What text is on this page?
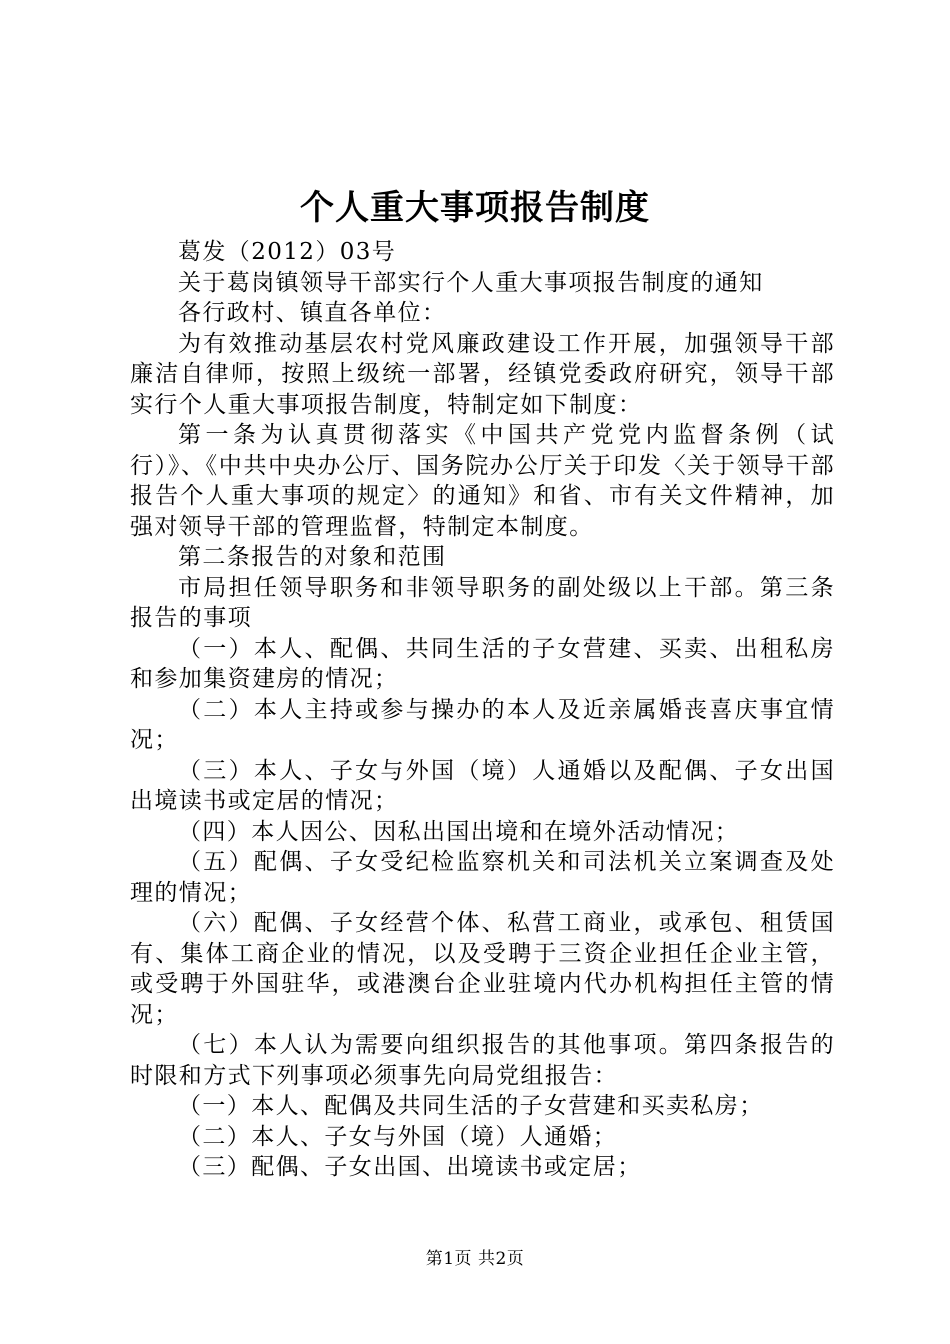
个人重大事项报告制度

葛发（2012）03号

关于葛岗镇领导干部实行个人重大事项报告制度的通知

各行政村、镇直各单位：

为有效推动基层农村党风廉政建设工作开展，加强领导干部廉洁自律师，按照上级统一部署，经镇党委政府研究，领导干部实行个人重大事项报告制度，特制定如下制度：

第一条为认真贯彻落实《中国共产党党内监督条例（试行）》、《中共中央办公厅、国务院办公厅关于印发〈关于领导干部报告个人重大事项的规定〉的通知》和省、市有关文件精神，加强对领导干部的管理监督，特制定本制度。

第二条报告的对象和范围

市局担任领导职务和非领导职务的副处级以上干部。第三条报告的事项

（一）本人、配偶、共同生活的子女营建、买卖、出租私房和参加集资建房的情况；

（二）本人主持或参与操办的本人及近亲属婚丧喜庆事宜情况；

（三）本人、子女与外国（境）人通婚以及配偶、子女出国出境读书或定居的情况；

（四）本人因公、因私出国出境和在境外活动情况；

（五）配偶、子女受纪检监察机关和司法机关立案调查及处理的情况；

（六）配偶、子女经营个体、私营工商业，或承包、租赁国有、集体工商企业的情况，以及受聘于三资企业担任企业主管，或受聘于外国驻华，或港澳台企业驻境内代办机构担任主管的情况；

（七）本人认为需要向组织报告的其他事项。第四条报告的时限和方式下列事项必须事先向局党组报告：

（一）本人、配偶及共同生活的子女营建和买卖私房；

（二）本人、子女与外国（境）人通婚；

（三）配偶、子女出国、出境读书或定居；

第1页 共2页
